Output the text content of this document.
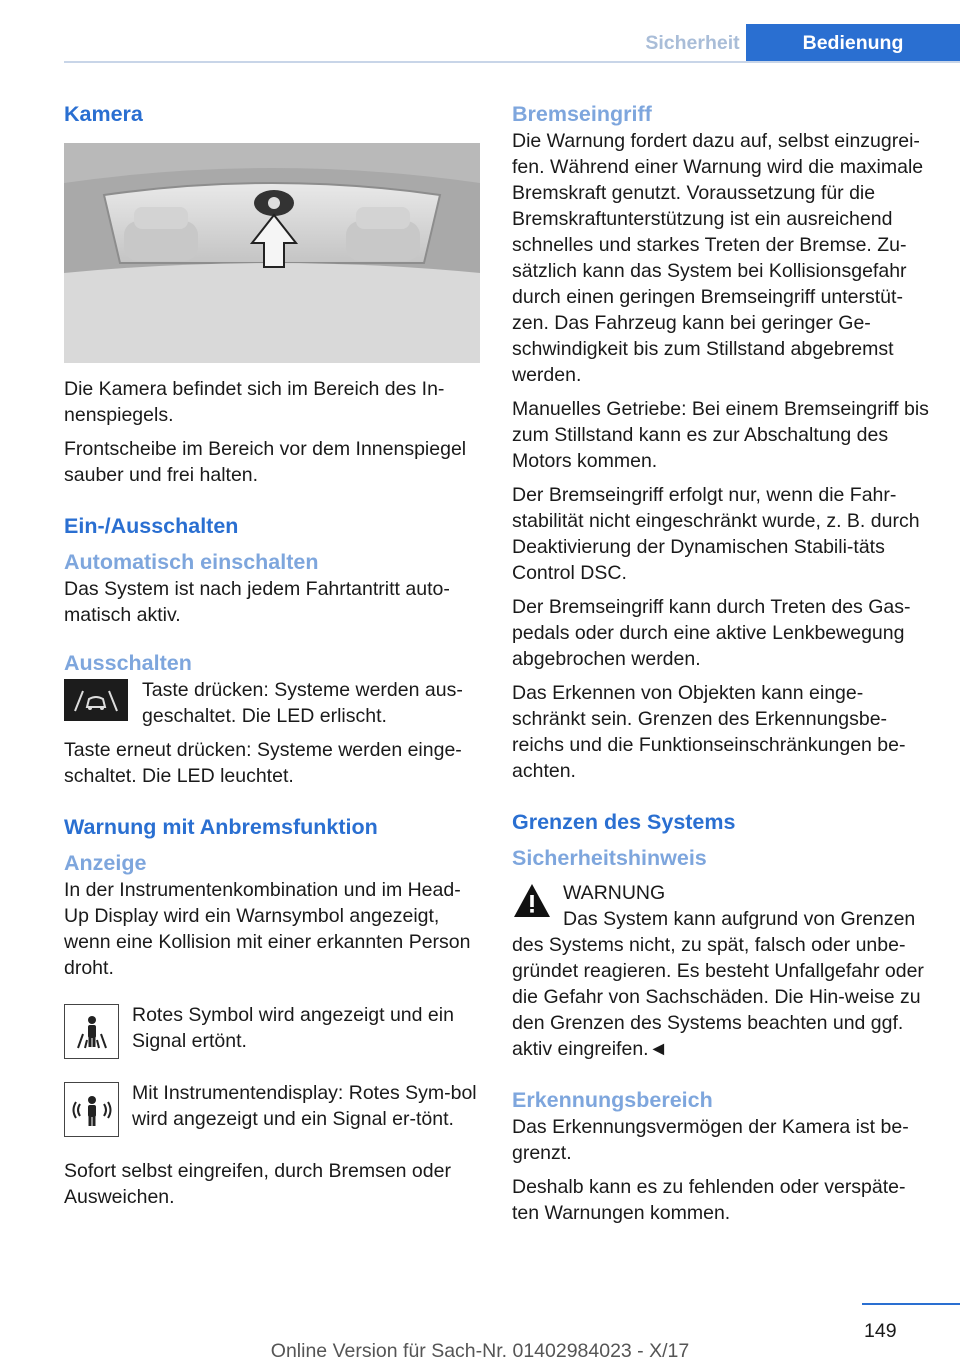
Sicherheit	Bedienung
Kamera

Die Kamera befindet sich im Bereich des In-nenspiegels.

Frontscheibe im Bereich vor dem Innenspiegel sauber und frei halten.

Ein-/Ausschalten
Automatisch einschalten

Das System ist nach jedem Fahrtantritt auto-matisch aktiv.

Ausschalten
Taste drücken: Systeme werden aus-geschaltet. Die LED erlischt.

Taste erneut drücken: Systeme werden einge-schaltet. Die LED leuchtet.

Warnung mit Anbremsfunktion
Anzeige

In der Instrumentenkombination und im Head-Up Display wird ein Warnsymbol angezeigt, wenn eine Kollision mit einer erkannten Person droht.

Rotes Symbol wird angezeigt und ein Signal ertönt.
Mit Instrumentendisplay: Rotes Sym-bol wird angezeigt und ein Signal er-tönt.

Sofort selbst eingreifen, durch Bremsen oder Ausweichen.

Bremseingriff

Die Warnung fordert dazu auf, selbst einzugrei-fen. Während einer Warnung wird die maximale Bremskraft genutzt. Voraussetzung für die Bremskraftunterstützung ist ein ausreichend schnelles und starkes Treten der Bremse. Zu-sätzlich kann das System bei Kollisionsgefahr durch einen geringen Bremseingriff unterstüt-zen. Das Fahrzeug kann bei geringer Ge-schwindigkeit bis zum Stillstand abgebremst werden.

Manuelles Getriebe: Bei einem Bremseingriff bis zum Stillstand kann es zur Abschaltung des Motors kommen.

Der Bremseingriff erfolgt nur, wenn die Fahr-stabilität nicht eingeschränkt wurde, z. B. durch Deaktivierung der Dynamischen Stabili-täts Control DSC.

Der Bremseingriff kann durch Treten des Gas-pedals oder durch eine aktive Lenkbewegung abgebrochen werden.

Das Erkennen von Objekten kann einge-schränkt sein. Grenzen des Erkennungsbe-reichs und die Funktionseinschränkungen be-achten.

Grenzen des Systems
Sicherheitshinweis
WARNUNG
Das System kann aufgrund von Grenzen

des Systems nicht, zu spät, falsch oder unbe-gründet reagieren. Es besteht Unfallgefahr oder die Gefahr von Sachschäden. Die Hin-weise zu den Grenzen des Systems beachten und ggf. aktiv eingreifen.◄

Erkennungsbereich

Das Erkennungsvermögen der Kamera ist be-grenzt.

Deshalb kann es zu fehlenden oder verspäte-ten Warnungen kommen.

149
Online Version für Sach-Nr. 01402984023 - X/17
